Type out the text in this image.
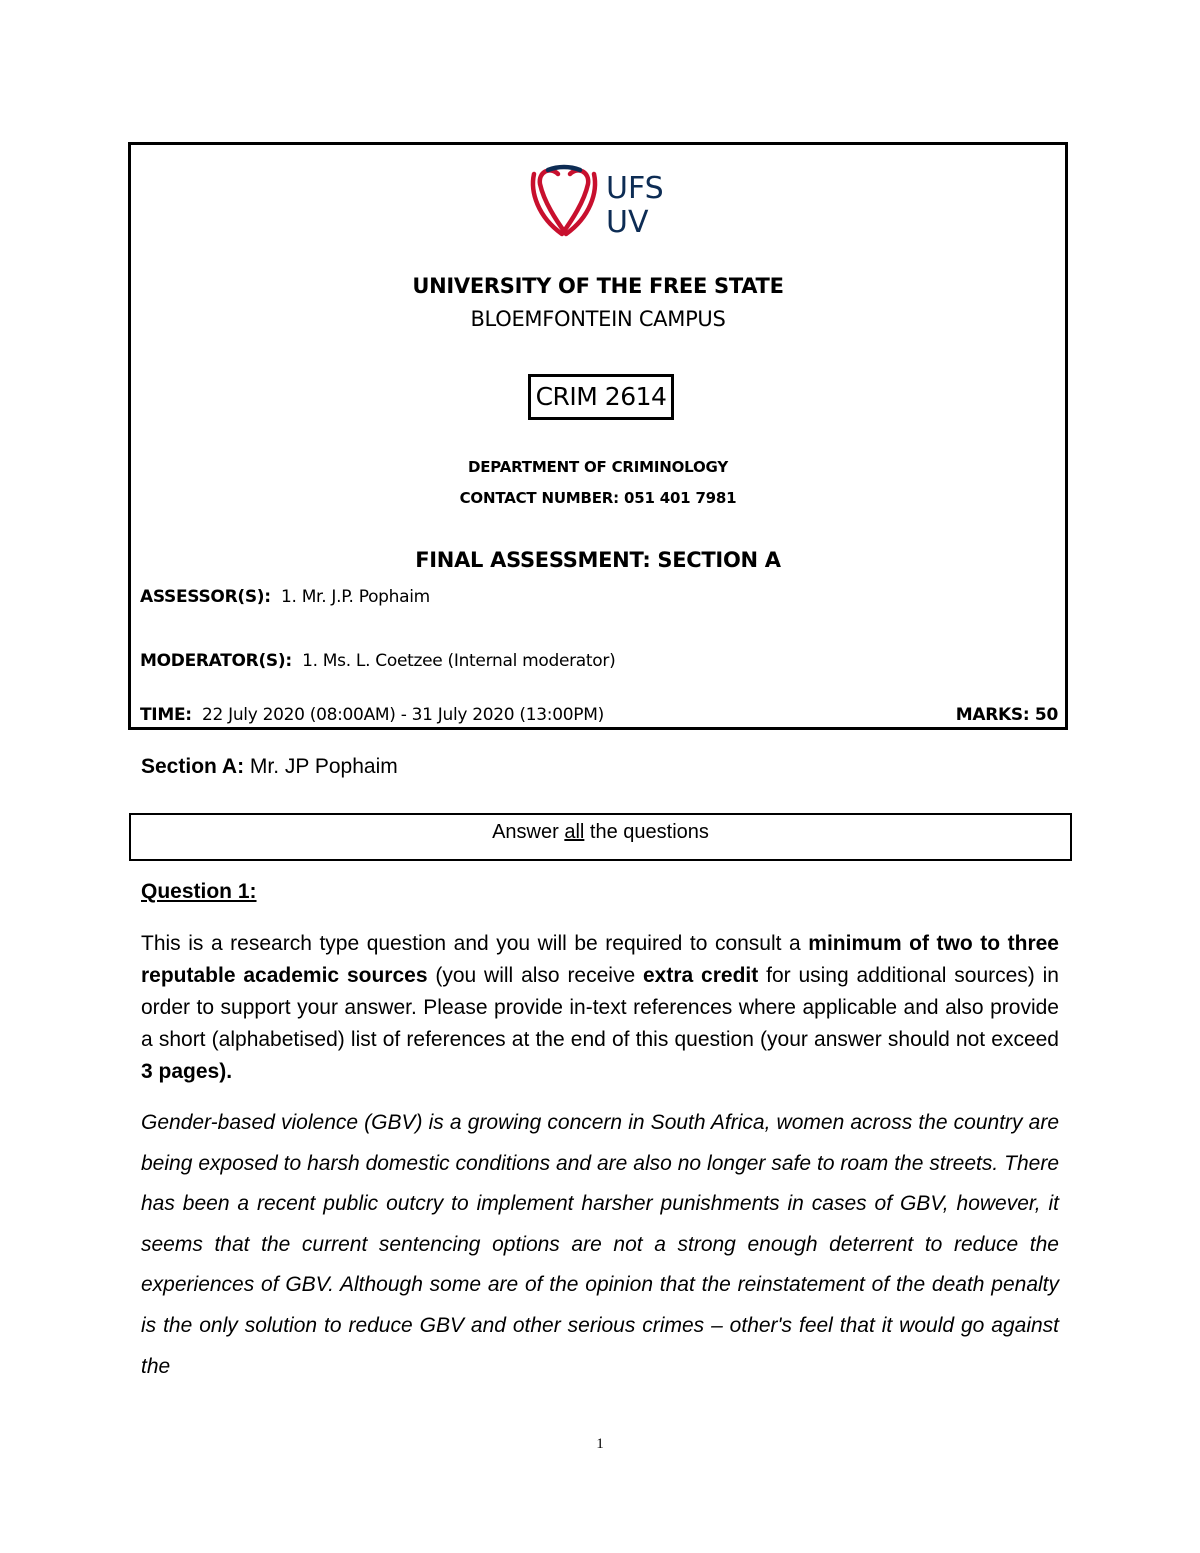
UFS
UV
UNIVERSITY OF THE FREE STATE
BLOEMFONTEIN CAMPUS
CRIM 2614
DEPARTMENT OF CRIMINOLOGY
CONTACT NUMBER: 051 401 7981
FINAL ASSESSMENT: SECTION A
ASSESSOR(S): 1. Mr. J.P. Pophaim
MODERATOR(S): 1. Ms. L. Coetzee (Internal moderator)
TIME: 22 July 2020 (08:00AM) - 31 July 2020 (13:00PM)	MARKS: 50
Section A: Mr. JP Pophaim
Answer all the questions
Question 1:
This is a research type question and you will be required to consult a minimum of two to three reputable academic sources (you will also receive extra credit for using additional sources) in order to support your answer. Please provide in-text references where applicable and also provide a short (alphabetised) list of references at the end of this question (your answer should not exceed 3 pages).
Gender-based violence (GBV) is a growing concern in South Africa, women across the country are being exposed to harsh domestic conditions and are also no longer safe to roam the streets. There has been a recent public outcry to implement harsher punishments in cases of GBV, however, it seems that the current sentencing options are not a strong enough deterrent to reduce the experiences of GBV. Although some are of the opinion that the reinstatement of the death penalty is the only solution to reduce GBV and other serious crimes – other's feel that it would go against the
1
